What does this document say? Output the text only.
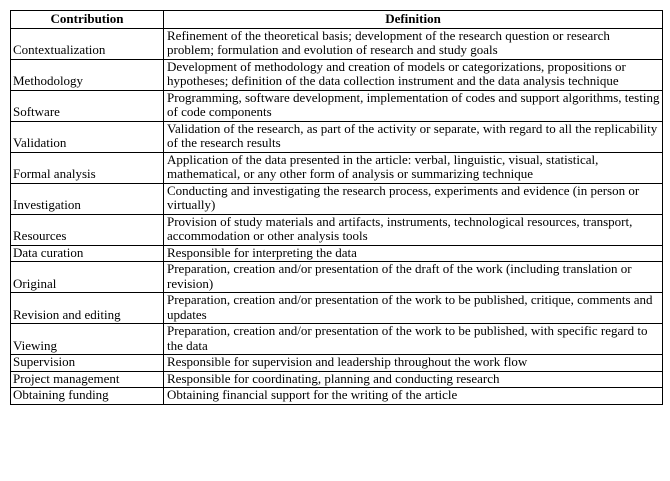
Contribution	Definition
Contextualization	Refinement of the theoretical basis; development of the research question or research problem; formulation and evolution of research and study goals
Methodology	Development of methodology and creation of models or categorizations, propositions or hypotheses; definition of the data collection instrument and the data analysis technique
Software	Programming, software development, implementation of codes and support algorithms, testing of code components
Validation	Validation of the research, as part of the activity or separate, with regard to all the replicability of the research results
Formal analysis	Application of the data presented in the article: verbal, linguistic, visual, statistical, mathematical, or any other form of analysis or summarizing technique
Investigation	Conducting and investigating the research process, experiments and evidence (in person or virtually)
Resources	Provision of study materials and artifacts, instruments, technological resources, transport, accommodation or other analysis tools
Data curation	Responsible for interpreting the data
Original	Preparation, creation and/or presentation of the draft of the work (including translation or revision)
Revision and editing	Preparation, creation and/or presentation of the work to be published, critique, comments and updates
Viewing	Preparation, creation and/or presentation of the work to be published, with specific regard to the data
Supervision	Responsible for supervision and leadership throughout the work flow
Project management	Responsible for coordinating, planning and conducting research
Obtaining funding	Obtaining financial support for the writing of the article
